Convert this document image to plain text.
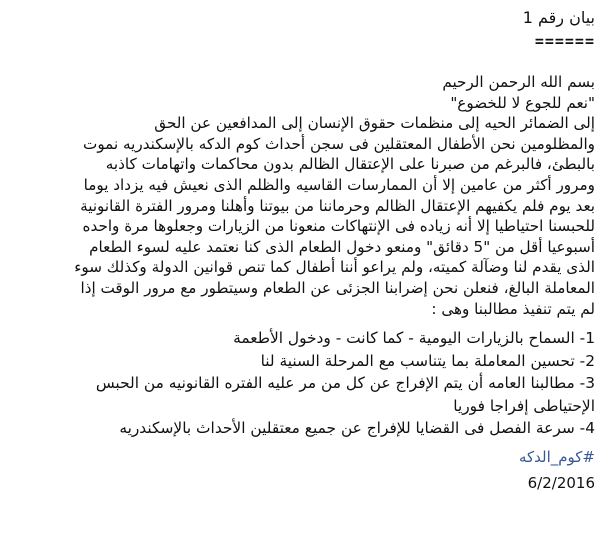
بيان رقم 1
======
بسم الله الرحمن الرحيم
"نعم للجوع لا للخضوع"
إلى الضمائر الحيه إلى منظمات حقوق الإنسان إلى المدافعين عن الحق
والمظلومين نحن الأطفال المعتقلين فى سجن أحداث كوم الدكه بالإسكندريه نموت
بالبطئ، فالبرغم من صبرنا على الإعتقال الظالم بدون محاكمات واتهامات كاذبه
ومرور أكثر من عامين إلا أن الممارسات القاسيه والظلم الذى نعيش فيه يزداد يوما
بعد يوم فلم يكفيهم الإعتقال الظالم وحرماننا من بيوتنا وأهلنا ومرور الفترة القانونية
للحبسنا احتياطيا إلا أنه زياده فى الإنتهاكات منعونا من الزيارات وجعلوها مرة واحده
أسبوعيا أقل من "5 دقائق" ومنعو دخول الطعام الذى كنا نعتمد عليه لسوء الطعام
الذى يقدم لنا وضآلة كميته، ولم يراعو أننا أطفال كما تنص قوانين الدولة وكذلك سوء
المعاملة البالغ، فنعلن نحن إضرابنا الجزئى عن الطعام وسيتطور مع مرور الوقت إذا
لم يتم تنفيذ مطالبنا وهى :
1- السماح بالزيارات اليومية - كما كانت - ودخول الأطعمة
2- تحسين المعاملة بما يتناسب مع المرحلة السنية لنا
3- مطالبنا العامه أن يتم الإفراج عن كل من مر عليه الفتره القانونيه من الحبس
الإحتياطى إفراجا فوريا
4- سرعة الفصل فى القضايا للإفراج عن جميع معتقلين الأحداث بالإسكندريه
#كوم_الدكه
6/2/2016
